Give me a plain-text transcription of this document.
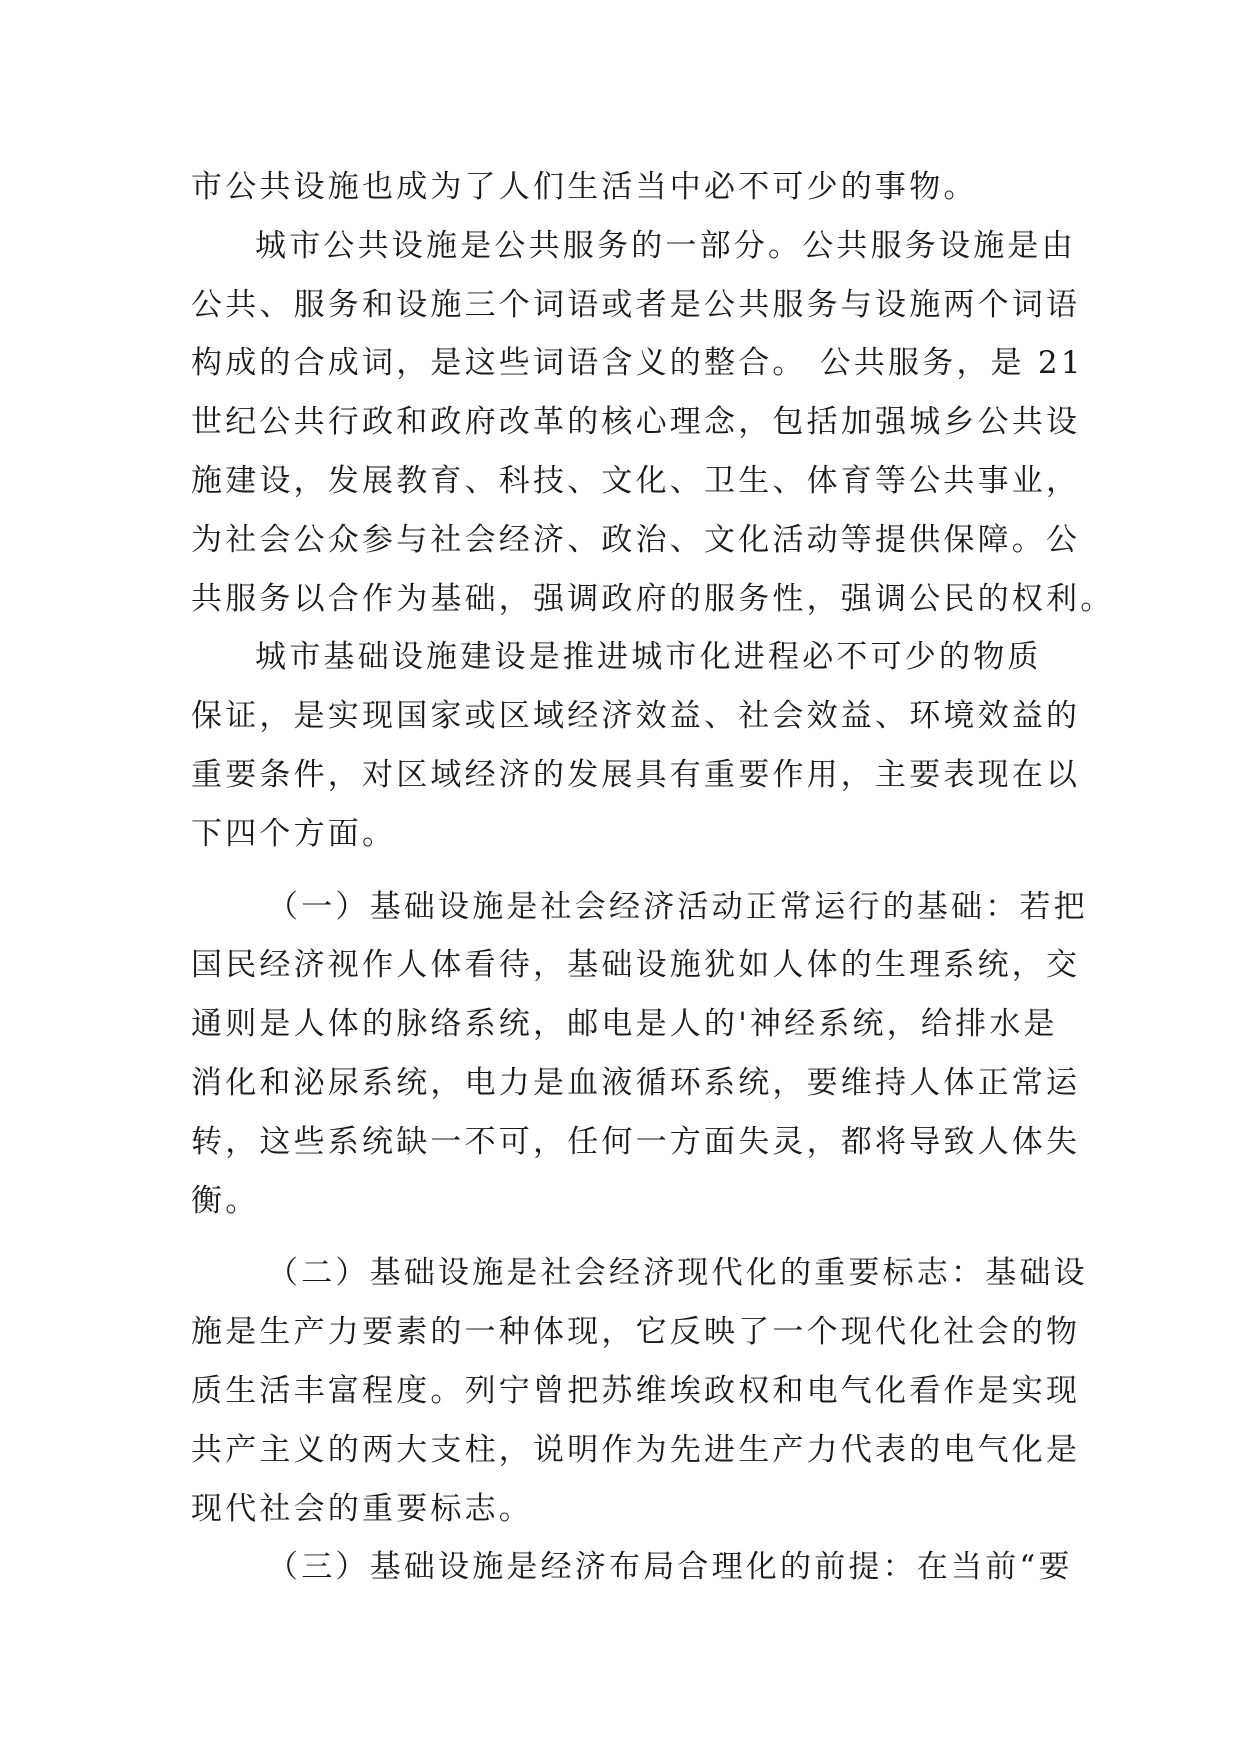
市公共设施也成为了人们生活当中必不可少的事物。
城市公共设施是公共服务的一部分。公共服务设施是由
公共、服务和设施三个词语或者是公共服务与设施两个词语
构成的合成词，是这些词语含义的整合。 公共服务，是 21
世纪公共行政和政府改革的核心理念，包括加强城乡公共设
施建设，发展教育、科技、文化、卫生、体育等公共事业，
为社会公众参与社会经济、政治、文化活动等提供保障。公
共服务以合作为基础，强调政府的服务性，强调公民的权利。
城市基础设施建设是推进城市化进程必不可少的物质
保证，是实现国家或区域经济效益、社会效益、环境效益的
重要条件，对区域经济的发展具有重要作用，主要表现在以
下四个方面。
（一）基础设施是社会经济活动正常运行的基础：若把
国民经济视作人体看待，基础设施犹如人体的生理系统，交
通则是人体的脉络系统，邮电是人的'神经系统，给排水是
消化和泌尿系统，电力是血液循环系统，要维持人体正常运
转，这些系统缺一不可，任何一方面失灵，都将导致人体失
衡。
（二）基础设施是社会经济现代化的重要标志：基础设
施是生产力要素的一种体现，它反映了一个现代化社会的物
质生活丰富程度。列宁曾把苏维埃政权和电气化看作是实现
共产主义的两大支柱，说明作为先进生产力代表的电气化是
现代社会的重要标志。
（三）基础设施是经济布局合理化的前提：在当前“要
